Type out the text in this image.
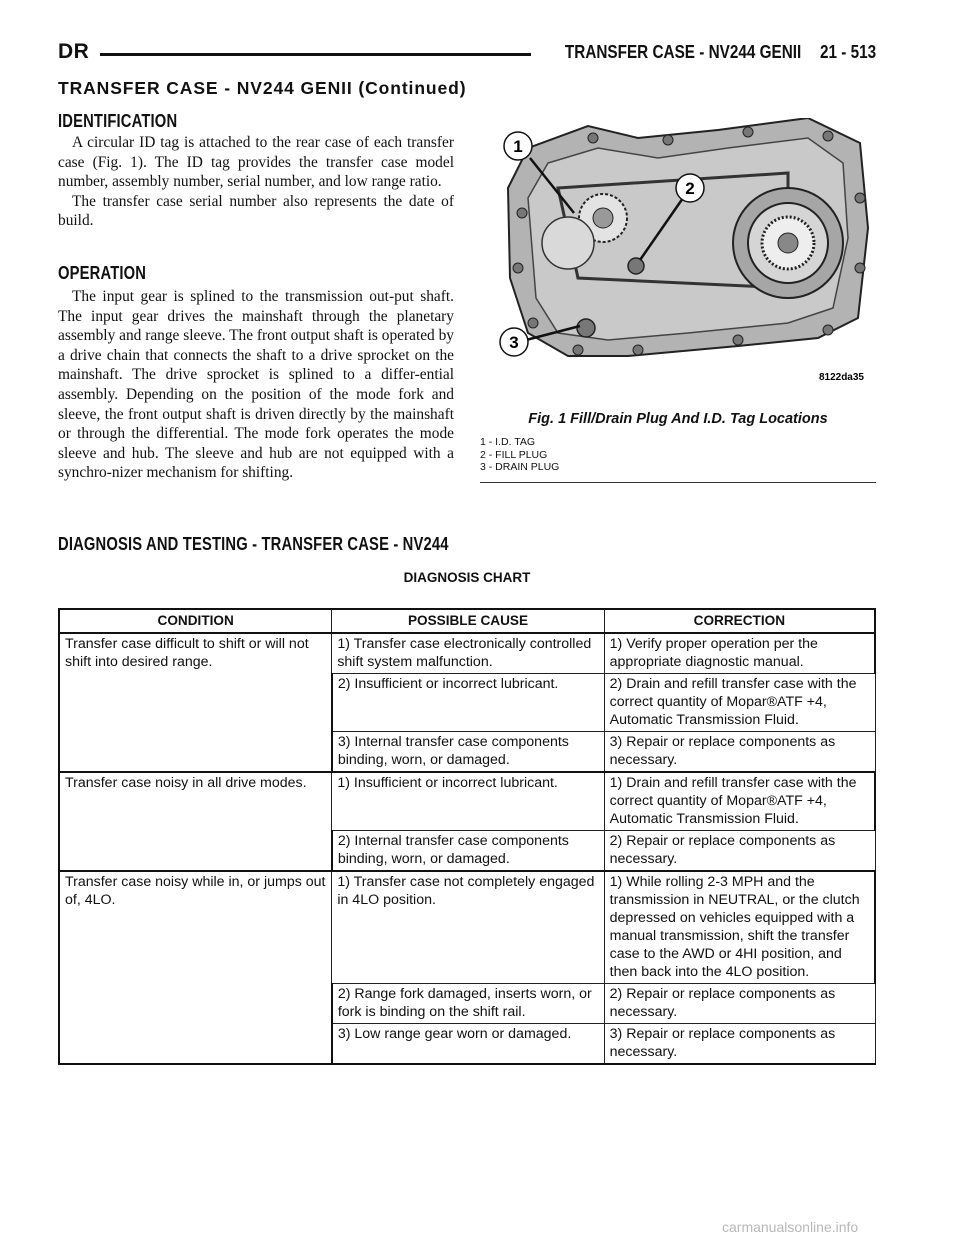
DR	TRANSFER CASE - NV244 GENII 21 - 513
TRANSFER CASE - NV244 GENII (Continued)
IDENTIFICATION

A circular ID tag is attached to the rear case of each transfer case (Fig. 1). The ID tag provides the transfer case model number, assembly number, serial number, and low range ratio.

The transfer case serial number also represents the date of build.

OPERATION

The input gear is splined to the transmission out-put shaft. The input gear drives the mainshaft through the planetary assembly and range sleeve. The front output shaft is operated by a drive chain that connects the shaft to a drive sprocket on the mainshaft. The drive sprocket is splined to a differ-ential assembly. Depending on the position of the mode fork and sleeve, the front output shaft is driven directly by the mainshaft or through the differential. The mode fork operates the mode sleeve and hub. The sleeve and hub are not equipped with a synchro-nizer mechanism for shifting.

1
2
3
8122da35
Fig. 1 Fill/Drain Plug And I.D. Tag Locations
1 - I.D. TAG
2 - FILL PLUG
3 - DRAIN PLUG
DIAGNOSIS AND TESTING - TRANSFER CASE - NV244
DIAGNOSIS CHART
CONDITION	POSSIBLE CAUSE	CORRECTION
Transfer case difficult to shift or will not shift into desired range.	1) Transfer case electronically controlled shift system malfunction.	1) Verify proper operation per the appropriate diagnostic manual.
	2) Insufficient or incorrect lubricant.	2) Drain and refill transfer case with the correct quantity of Mopar®ATF +4, Automatic Transmission Fluid.
	3) Internal transfer case components binding, worn, or damaged.	3) Repair or replace components as necessary.
Transfer case noisy in all drive modes.	1) Insufficient or incorrect lubricant.	1) Drain and refill transfer case with the correct quantity of Mopar®ATF +4, Automatic Transmission Fluid.
	2) Internal transfer case components binding, worn, or damaged.	2) Repair or replace components as necessary.
Transfer case noisy while in, or jumps out of, 4LO.	1) Transfer case not completely engaged in 4LO position.	1) While rolling 2-3 MPH and the transmission in NEUTRAL, or the clutch depressed on vehicles equipped with a manual transmission, shift the transfer case to the AWD or 4HI position, and then back into the 4LO position.
	2) Range fork damaged, inserts worn, or fork is binding on the shift rail.	2) Repair or replace components as necessary.
	3) Low range gear worn or damaged.	3) Repair or replace components as necessary.
carmanualsonline.info
